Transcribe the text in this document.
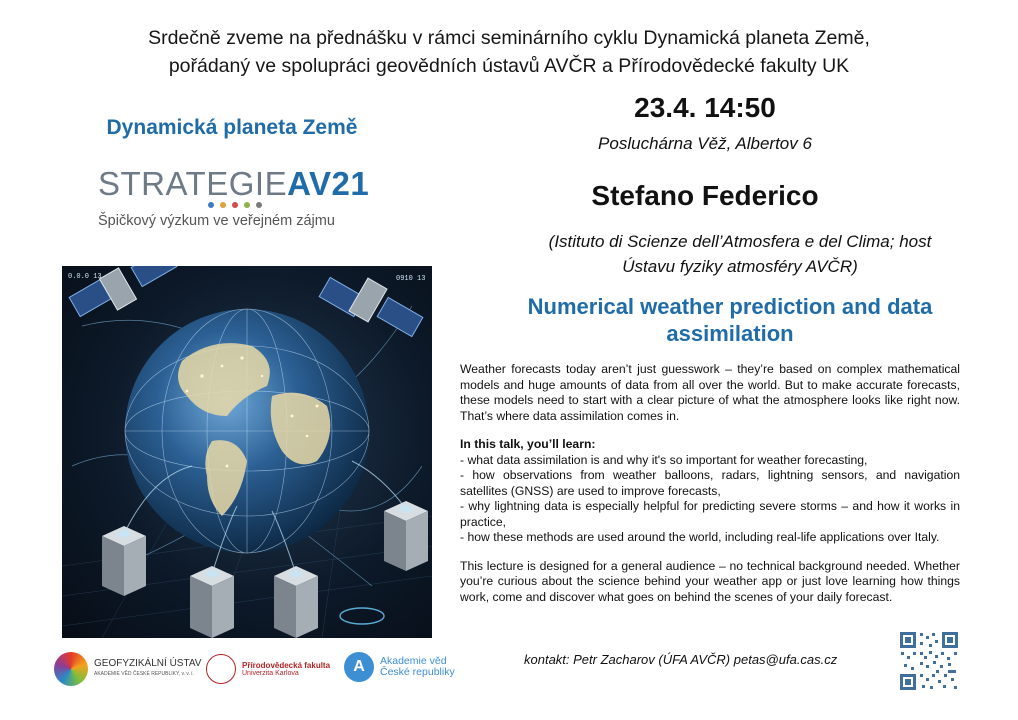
Srdečně zveme na přednášku v rámci seminárního cyklu Dynamická planeta Země,
pořádaný ve spolupráci geovědních ústavů AVČR a Přírodovědecké fakulty UK
Dynamická planeta Země
STRATEGIEAV21
Špičkový výzkum ve veřejném zájmu
0.0.0 13	0910 13
23.4. 14:50
Posluchárna Věž, Albertov 6
Stefano Federico
(Istituto di Scienze dell’Atmosfera e del Clima; host
Ústavu fyziky atmosféry AVČR)
Numerical weather prediction and data
assimilation

Weather forecasts today aren’t just guesswork – they’re based on complex mathematical models and huge amounts of data from all over the world. But to make accurate forecasts, these models need to start with a clear picture of what the atmosphere looks like right now. That’s where data assimilation comes in.

In this talk, you’ll learn:
- what data assimilation is and why it's so important for weather forecasting,
- how observations from weather balloons, radars, lightning sensors, and navigation satellites (GNSS) are used to improve forecasts,
- why lightning data is especially helpful for predicting severe storms – and how it works in practice,
- how these methods are used around the world, including real-life applications over Italy.

This lecture is designed for a general audience – no technical background needed. Whether you’re curious about the science behind your weather app or just love learning how things work, come and discover what goes on behind the scenes of your daily forecast.

kontakt: Petr Zacharov (ÚFA AVČR) petas@ufa.cas.cz
GEOFYZIKÁLNÍ ÚSTAV
AKADEMIE VĚD ČESKÉ REPUBLIKY, v. v. i.
Přírodovědecká fakulta
Univerzita Karlova	A	Akademie věd
České republiky
